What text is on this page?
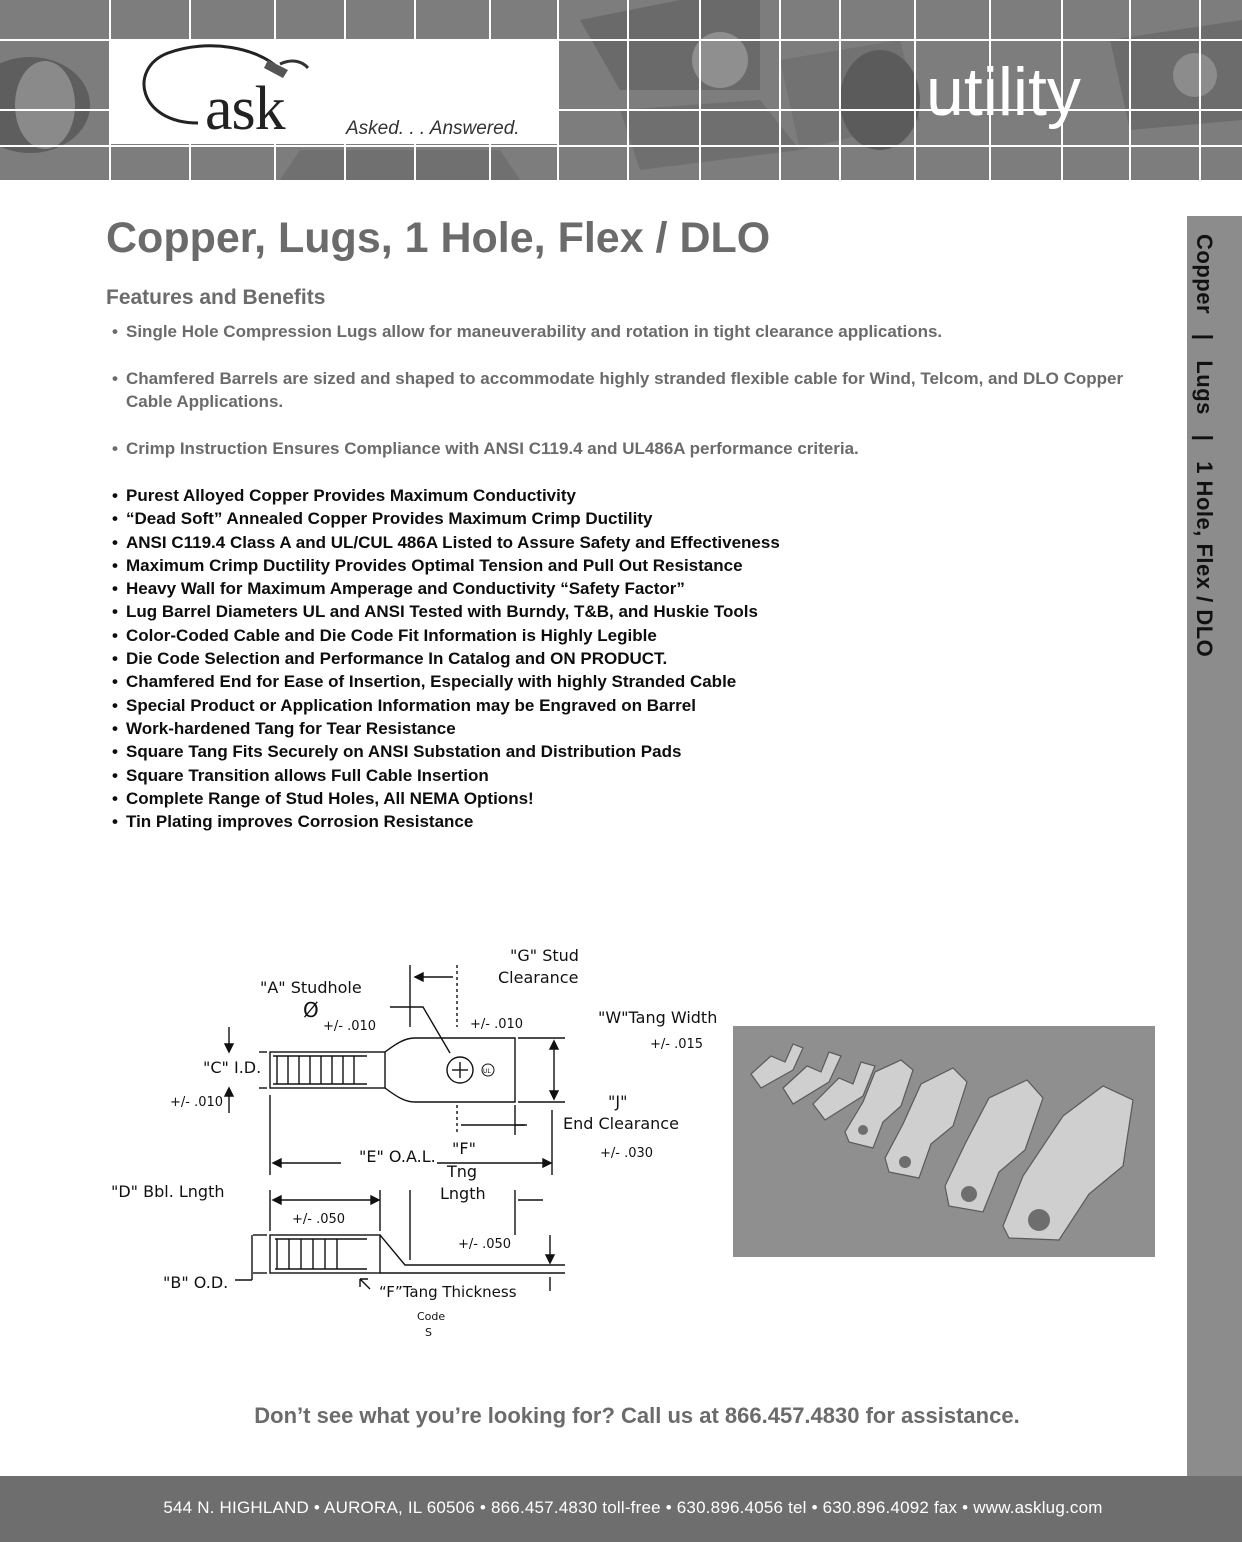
ask	Asked. . . Answered.	utility
Copper   |   Lugs   |   1 Hole, Flex / DLO
Copper, Lugs, 1 Hole, Flex / DLO
Features and Benefits
• Single Hole Compression Lugs allow for maneuverability and rotation in tight clearance applications.
• Chamfered Barrels are sized and shaped to accommodate highly stranded flexible cable for Wind, Telcom, and DLO Copper Cable Applications.
• Crimp Instruction Ensures Compliance with ANSI C119.4 and UL486A performance criteria.
• Purest Alloyed Copper Provides Maximum Conductivity
• “Dead Soft” Annealed Copper Provides Maximum Crimp Ductility
• ANSI C119.4 Class A and UL/CUL 486A Listed to Assure Safety and Effectiveness
• Maximum Crimp Ductility Provides Optimal Tension and Pull Out Resistance
• Heavy Wall for Maximum Amperage and Conductivity “Safety Factor”
• Lug Barrel Diameters UL and ANSI Tested with Burndy, T&B, and Huskie Tools
• Color-Coded Cable and Die Code Fit Information is Highly Legible
• Die Code Selection and Performance In Catalog and ON PRODUCT.
• Chamfered End for Ease of Insertion, Especially with highly Stranded Cable
• Special Product or Application Information may be Engraved on Barrel
• Work-hardened Tang for Tear Resistance
• Square Tang Fits Securely on ANSI Substation and Distribution Pads
• Square Transition allows Full Cable Insertion
• Complete Range of Stud Holes, All NEMA Options!
• Tin Plating improves Corrosion Resistance
"G" Stud
Clearance
"A" Studhole
Ø
+/- .010	+/- .010	"W"Tang Width
+/- .015
"C" I.D.
+/- .010	"J"
End Clearance
+/- .030
"F"
Tng
Lngth
"E" O.A.L.
"D" Bbl. Lngth
+/- .050
+/- .050
"B" O.D.	“F”Tang Thickness
Code
S
UL
Don’t see what you’re looking for? Call us at 866.457.4830 for assistance.
544 N. HIGHLAND • AURORA, IL 60506 • 866.457.4830 toll-free • 630.896.4056 tel • 630.896.4092 fax • www.asklug.com
